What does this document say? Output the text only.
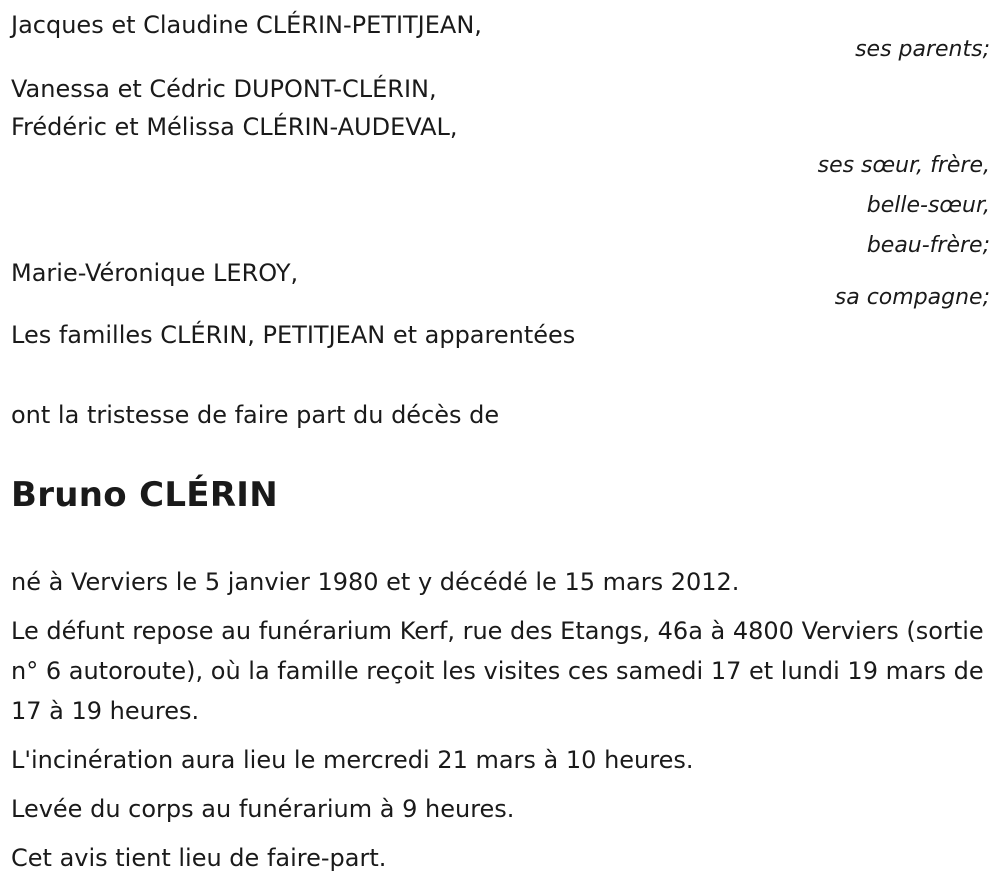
Jacques et Claudine CLÉRIN-PETITJEAN,
ses parents;
Vanessa et Cédric DUPONT-CLÉRIN,
Frédéric et Mélissa CLÉRIN-AUDEVAL,
ses sœur, frère,
belle-sœur,
beau-frère;
Marie-Véronique LEROY,
sa compagne;
Les familles CLÉRIN, PETITJEAN et apparentées
ont la tristesse de faire part du décès de
Bruno CLÉRIN

né à Verviers le 5 janvier 1980 et y décédé le 15 mars 2012.

Le défunt repose au funérarium Kerf, rue des Etangs, 46a à 4800 Verviers (sortie n° 6 autoroute), où la famille reçoit les visites ces samedi 17 et lundi 19 mars de 17 à 19 heures.

L'incinération aura lieu le mercredi 21 mars à 10 heures.

Levée du corps au funérarium à 9 heures.

Cet avis tient lieu de faire-part.
